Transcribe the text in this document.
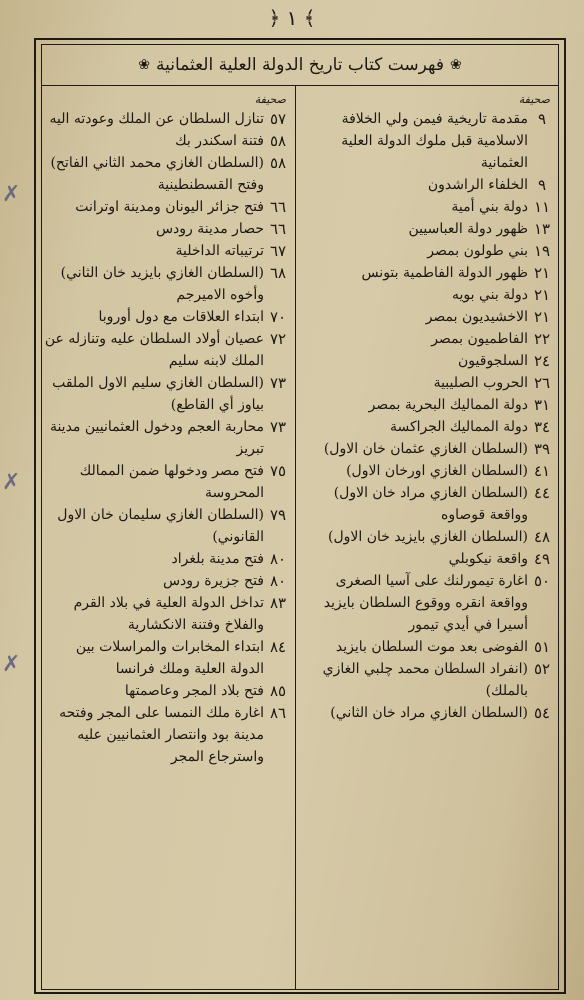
﴿ ١ ﴾
❀ فهرست كتاب تاريخ الدولة العلية العثمانية ❀
صحيفة
٩
مقدمة تاريخية فيمن ولي الخلافة الاسلامية قبل ملوك الدولة العلية العثمانية
٩
الخلفاء الراشدون
١١
دولة بني أمية
١٣
ظهور دولة العباسيين
١٩
بني طولون بمصر
٢١
ظهور الدولة الفاطمية بتونس
٢١
دولة بني بويه
٢١
الاخشيديون بمصر
٢٢
الفاطميون بمصر
٢٤
السلجوقيون
٢٦
الحروب الصليبية
٣١
دولة المماليك البحرية بمصر
٣٤
دولة المماليك الجراكسة
٣٩
(السلطان الغازي عثمان خان الاول)
٤١
(السلطان الغازي اورخان الاول)
٤٤
(السلطان الغازي مراد خان الاول)
وواقعة قوصاوه
٤٨
(السلطان الغازي بايزيد خان الاول)
٤٩
واقعة نيكوبلي
٥٠
اغارة تيمورلنك على آسيا الصغرى وواقعة انقره ووقوع السلطان بايزيد أسيرا في أيدي تيمور
٥١
الفوضى بعد موت السلطان بايزيد
٥٢
(انفراد السلطان محمد چلبي الغازي بالملك)
٥٤
(السلطان الغازي مراد خان الثاني)
صحيفة
٥٧
تنازل السلطان عن الملك وعودته اليه
٥٨
فتنة اسكندر بك
٥٨
(السلطان الغازي محمد الثاني الفاتح) وفتح القسطنطينية
٦٦
فتح جزائر اليونان ومدينة اوترانت
٦٦
حصار مدينة رودس
٦٧
ترتيباته الداخلية
٦٨
(السلطان الغازي بايزيد خان الثاني) وأخوه الاميرجم
٧٠
ابتداء العلاقات مع دول أوروبا
٧٢
عصيان أولاد السلطان عليه وتنازله عن الملك لابنه سليم
٧٣
(السلطان الغازي سليم الاول الملقب بياوز أي القاطع)
٧٣
محاربة العجم ودخول العثمانيين مدينة تبريز
٧٥
فتح مصر ودخولها ضمن الممالك المحروسة
٧٩
(السلطان الغازي سليمان خان الاول القانوني)
٨٠
فتح مدينة بلغراد
٨٠
فتح جزيرة رودس
٨٣
تداخل الدولة العلية في بلاد القرم والفلاخ وفتنة الانكشارية
٨٤
ابتداء المخابرات والمراسلات بين الدولة العلية وملك فرانسا
٨٥
فتح بلاد المجر وعاصمتها
٨٦
اغارة ملك النمسا على المجر وفتحه مدينة بود وانتصار العثمانيين عليه واسترجاع المجر
✗
✗
✗
